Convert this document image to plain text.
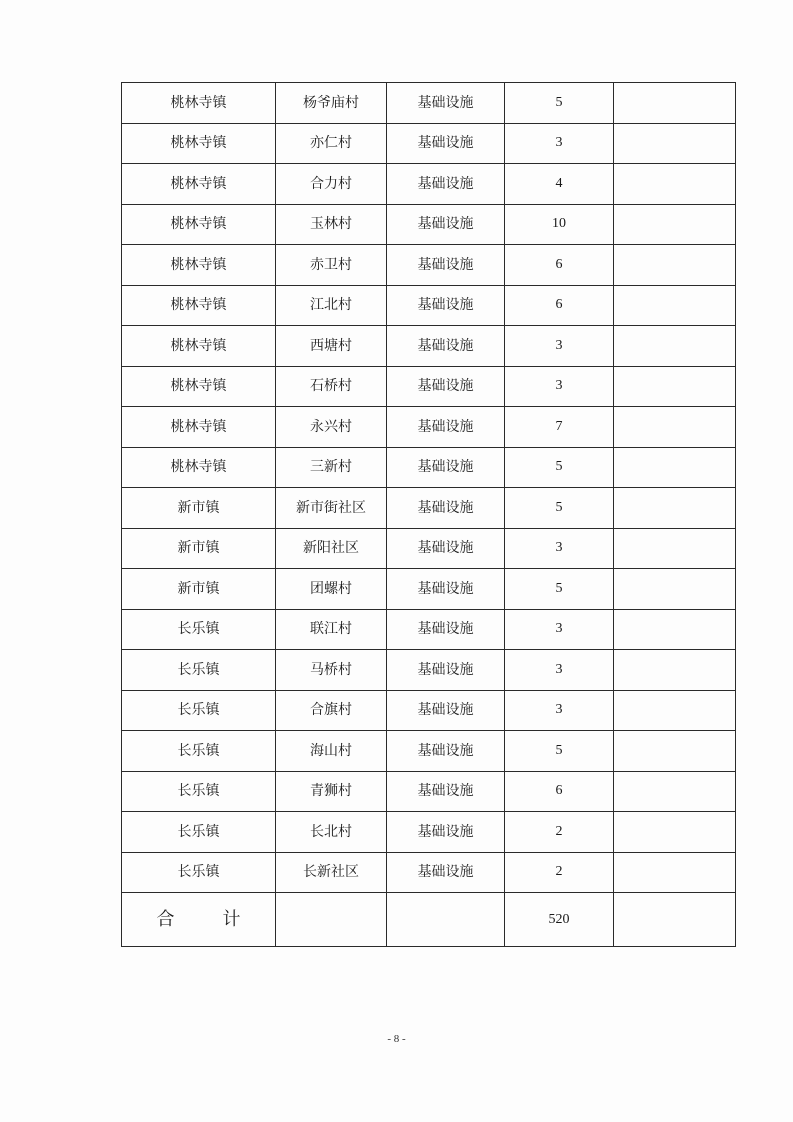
桃林寺镇	杨爷庙村	基础设施	5	
桃林寺镇	亦仁村	基础设施	3	
桃林寺镇	合力村	基础设施	4	
桃林寺镇	玉林村	基础设施	10	
桃林寺镇	赤卫村	基础设施	6	
桃林寺镇	江北村	基础设施	6	
桃林寺镇	西塘村	基础设施	3	
桃林寺镇	石桥村	基础设施	3	
桃林寺镇	永兴村	基础设施	7	
桃林寺镇	三新村	基础设施	5	
新市镇	新市街社区	基础设施	5	
新市镇	新阳社区	基础设施	3	
新市镇	团螺村	基础设施	5	
长乐镇	联江村	基础设施	3	
长乐镇	马桥村	基础设施	3	
长乐镇	合旗村	基础设施	3	
长乐镇	海山村	基础设施	5	
长乐镇	青狮村	基础设施	6	
长乐镇	长北村	基础设施	2	
长乐镇	长新社区	基础设施	2	
合 计			520	
- 8 -
